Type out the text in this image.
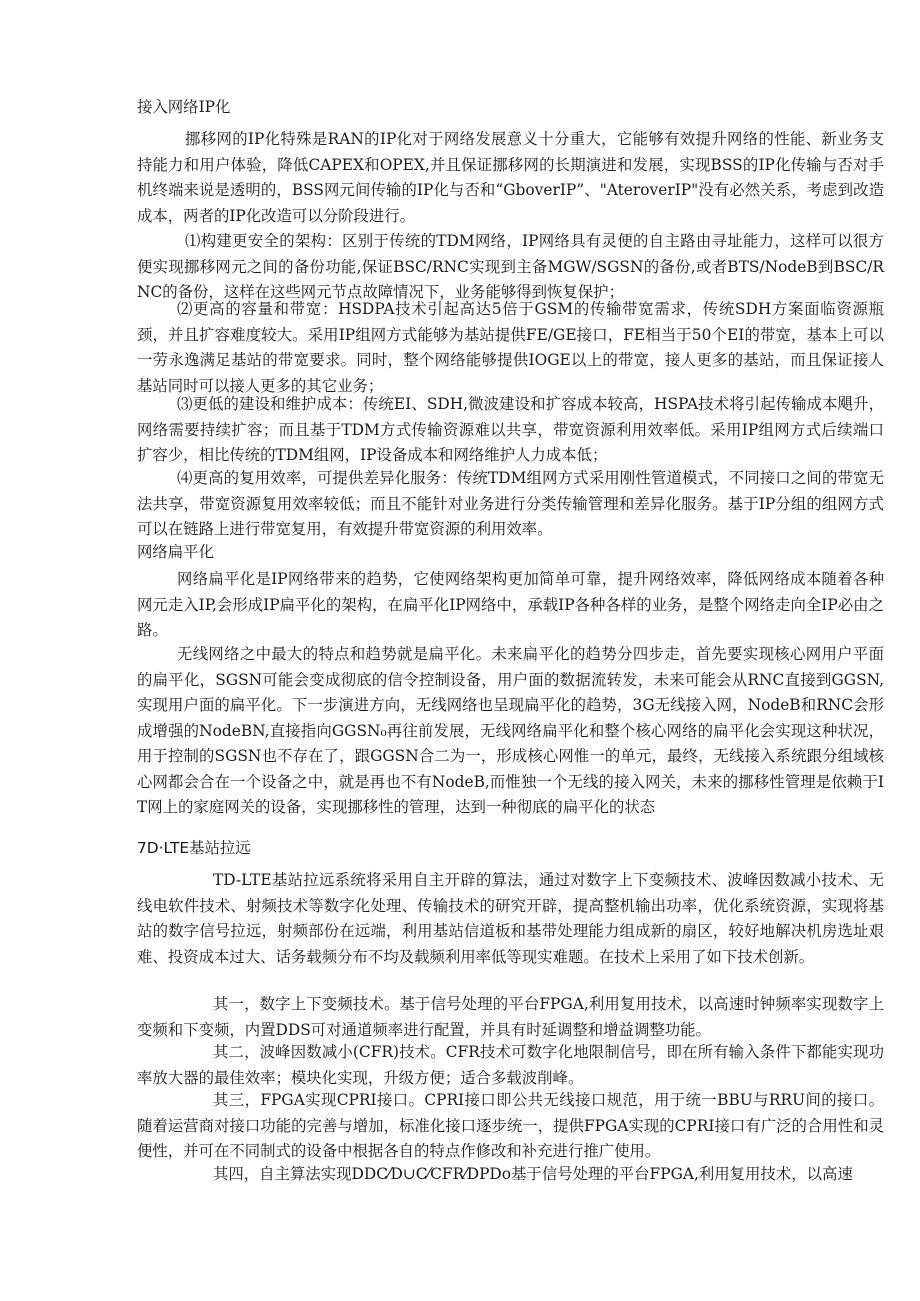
接入网络IP化
挪移网的IP化特殊是RAN的IP化对于网络发展意义十分重大，它能够有效提升网络的性能、新业务支持能力和用户体验，降低CAPEX和OPEX,并且保证挪移网的长期演进和发展，实现BSS的IP化传输与否对手机终端来说是透明的，BSS网元间传输的IP化与否和“GboverIP”、"AteroverIP"没有必然关系，考虑到改造成本，两者的IP化改造可以分阶段进行。
⑴构建更安全的架构：区别于传统的TDM网络，IP网络具有灵便的自主路由寻址能力，这样可以很方便实现挪移网元之间的备份功能,保证BSC/RNC实现到主备MGW/SGSN的备份,或者BTS/NodeB到BSC/RNC的备份，这样在这些网元节点故障情况下，业务能够得到恢复保护；
⑵更高的容量和带宽：HSDPA技术引起高达5倍于GSM的传输带宽需求，传统SDH方案面临资源瓶颈，并且扩容难度较大。采用IP组网方式能够为基站提供FE/GE接口，FE相当于50个EI的带宽，基本上可以一劳永逸满足基站的带宽要求。同时，整个网络能够提供IOGE以上的带宽，接人更多的基站，而且保证接人基站同时可以接人更多的其它业务；
⑶更低的建设和维护成本：传统EI、SDH,微波建设和扩容成本较高，HSPA技术将引起传输成本飓升，网络需要持续扩容；而且基于TDM方式传输资源难以共享，带宽资源利用效率低。采用IP组网方式后续端口扩容少，相比传统的TDM组网，IP设备成本和网络维护人力成本低；
⑷更高的复用效率，可提供差异化服务：传统TDM组网方式采用刚性管道模式，不同接口之间的带宽无法共享，带宽资源复用效率较低；而且不能针对业务进行分类传输管理和差异化服务。基于IP分组的组网方式可以在链路上进行带宽复用，有效提升带宽资源的利用效率。
网络扁平化
网络扁平化是IP网络带来的趋势，它使网络架构更加简单可靠，提升网络效率，降低网络成本随着各种网元走入IP,会形成IP扁平化的架构，在扁平化IP网络中，承载IP各种各样的业务，是整个网络走向全IP必由之路。
无线网络之中最大的特点和趋势就是扁平化。未来扁平化的趋势分四步走，首先要实现核心网用户平面的扁平化，SGSN可能会变成彻底的信令控制设备，用户面的数据流转发，未来可能会从RNC直接到GGSN,实现用户面的扁平化。下一步演进方向，无线网络也呈现扁平化的趋势，3G无线接入网，NodeB和RNC会形成增强的NodeBN,直接指向GGSN₀再往前发展，无线网络扁平化和整个核心网络的扁平化会实现这种状况，用于控制的SGSN也不存在了，跟GGSN合二为一，形成核心网惟一的单元，最终，无线接入系统跟分组域核心网都会合在一个设备之中，就是再也不有NodeB,而惟独一个无线的接入网关，未来的挪移性管理是依赖于IT网上的家庭网关的设备，实现挪移性的管理，达到一种彻底的扁平化的状态
7D·LTE基站拉远
TD-LTE基站拉远系统将采用自主开辟的算法，通过对数字上下变频技术、波峰因数减小技术、无线电软件技术、射频技术等数字化处理、传输技术的研究开辟，提高整机输出功率，优化系统资源，实现将基站的数字信号拉远，射频部份在远端，利用基站信道板和基带处理能力组成新的扇区，较好地解决机房选址艰难、投资成本过大、话务载频分布不均及载频利用率低等现实难题。在技术上采用了如下技术创新。
其一，数字上下变频技术。基于信号处理的平台FPGA,利用复用技术，以高速时钟频率实现数字上变频和下变频，内置DDS可对通道频率进行配置，并具有时延调整和增益调整功能。
其二，波峰因数减小(CFR)技术。CFR技术可数字化地限制信号，即在所有输入条件下都能实现功率放大器的最佳效率；模块化实现，升级方便；适合多载波削峰。
其三，FPGA实现CPRI接口。CPRI接口即公共无线接口规范，用于统一BBU与RRU间的接口。随着运营商对接口功能的完善与增加，标准化接口逐步统一，提供FPGA实现的CPRI接口有广泛的合用性和灵便性，并可在不同制式的设备中根据各自的特点作修改和补充进行推广使用。
其四，自主算法实现DDC⁄D∪C⁄CFR⁄DPDo基于信号处理的平台FPGA,利用复用技术，以高速
